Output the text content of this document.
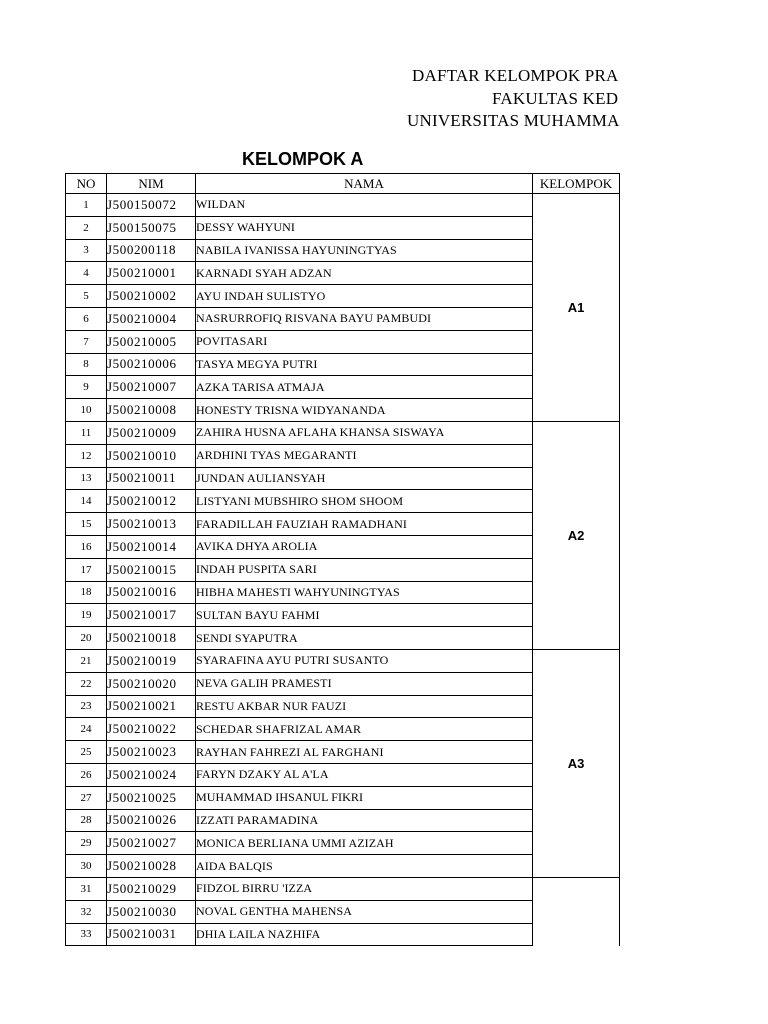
DAFTAR KELOMPOK PRA
FAKULTAS KED
UNIVERSITAS MUHAMMA
KELOMPOK A
NO	NIM	NAMA	KELOMPOK
1	J500150072	WILDAN	A1
2	J500150075	DESSY WAHYUNI	
3	J500200118	NABILA IVANISSA HAYUNINGTYAS	
4	J500210001	KARNADI SYAH ADZAN	
5	J500210002	AYU INDAH SULISTYO	
6	J500210004	NASRURROFIQ RISVANA BAYU PAMBUDI	
7	J500210005	POVITASARI	
8	J500210006	TASYA MEGYA PUTRI	
9	J500210007	AZKA TARISA ATMAJA	
10	J500210008	HONESTY TRISNA WIDYANANDA	
11	J500210009	ZAHIRA HUSNA AFLAHA KHANSA SISWAYA	A2
12	J500210010	ARDHINI TYAS MEGARANTI	
13	J500210011	JUNDAN AULIANSYAH	
14	J500210012	LISTYANI MUBSHIRO SHOM SHOOM	
15	J500210013	FARADILLAH FAUZIAH RAMADHANI	
16	J500210014	AVIKA DHYA AROLIA	
17	J500210015	INDAH PUSPITA SARI	
18	J500210016	HIBHA MAHESTI WAHYUNINGTYAS	
19	J500210017	SULTAN BAYU FAHMI	
20	J500210018	SENDI SYAPUTRA	
21	J500210019	SYARAFINA AYU PUTRI SUSANTO	A3
22	J500210020	NEVA GALIH PRAMESTI	
23	J500210021	RESTU AKBAR NUR FAUZI	
24	J500210022	SCHEDAR SHAFRIZAL AMAR	
25	J500210023	RAYHAN FAHREZI AL FARGHANI	
26	J500210024	FARYN DZAKY AL A'LA	
27	J500210025	MUHAMMAD IHSANUL FIKRI	
28	J500210026	IZZATI PARAMADINA	
29	J500210027	MONICA BERLIANA UMMI AZIZAH	
30	J500210028	AIDA BALQIS	
31	J500210029	FIDZOL BIRRU 'IZZA	
32	J500210030	NOVAL GENTHA MAHENSA	
33	J500210031	DHIA LAILA NAZHIFA	
